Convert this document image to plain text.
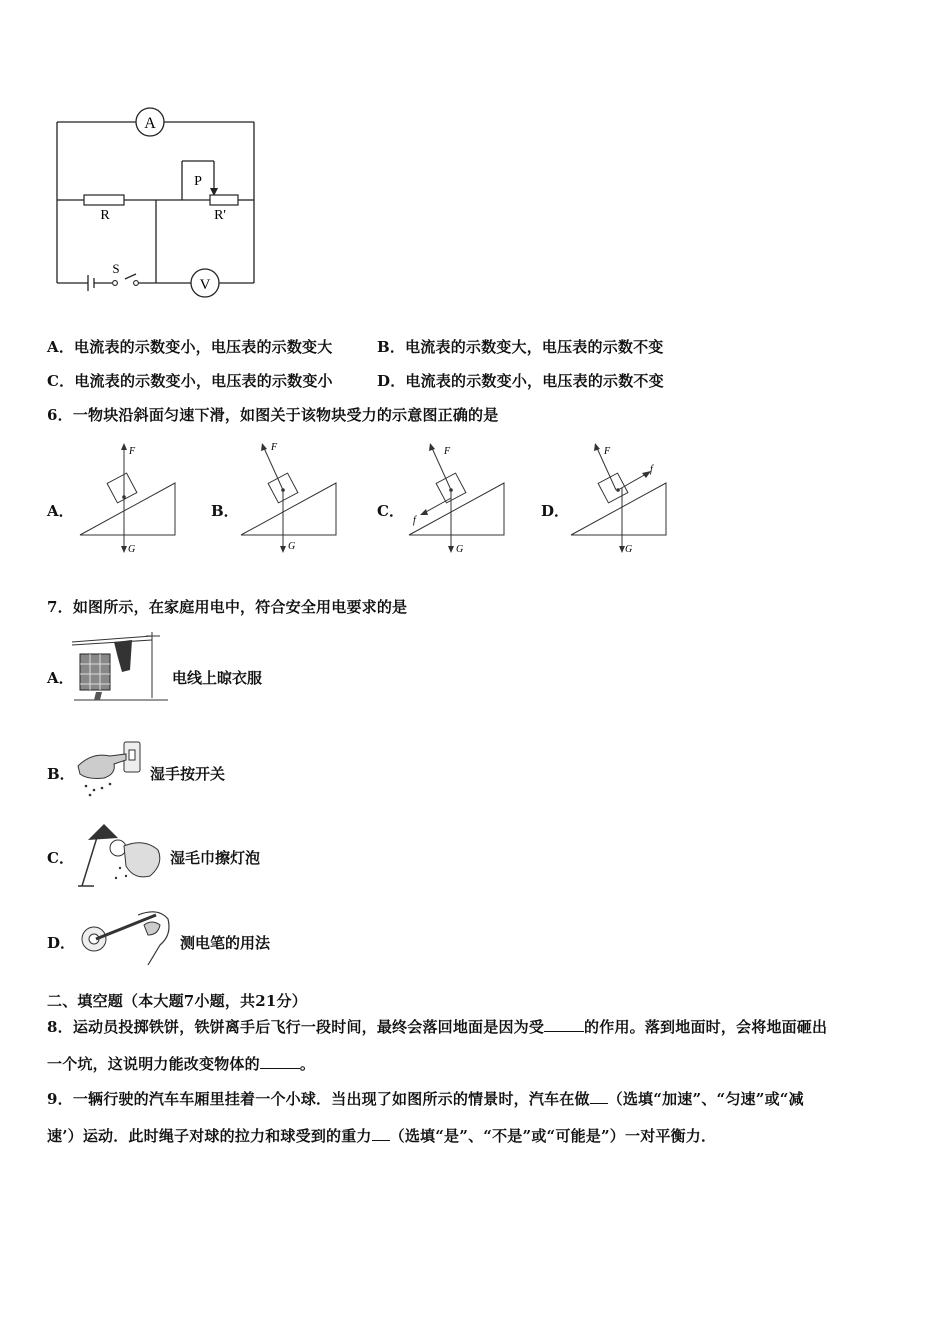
A
V
R	R'
P
S
A．电流表的示数变小，电压表的示数变大	B．电流表的示数变大，电压表的示数不变
C．电流表的示数变小，电压表的示数变小	D．电流表的示数变小，电压表的示数不变
6．一物块沿斜面匀速下滑，如图关于该物块受力的示意图正确的是
A．
F
G
B．
F
G
C．
F
G
f
D．
F
G
f
7．如图所示，在家庭用电中，符合安全用电要求的是
A．	电线上晾衣服
B．	湿手按开关
C．	湿毛巾擦灯泡
D．	测电笔的用法
二、填空题（本大题7小题，共21分）
8．运动员投掷铁饼，铁饼离手后飞行一段时间，最终会落回地面是因为受	的作用。落到地面时，会将地面砸出
一个坑，这说明力能改变物体的	。
9．一辆行驶的汽车车厢里挂着一个小球．当出现了如图所示的情景时，汽车在做 （选填“加速”、“匀速”或“减
速’）运动．此时绳子对球的拉力和球受到的重力 （选填“是”、“不是”或“可能是”）一对平衡力．
